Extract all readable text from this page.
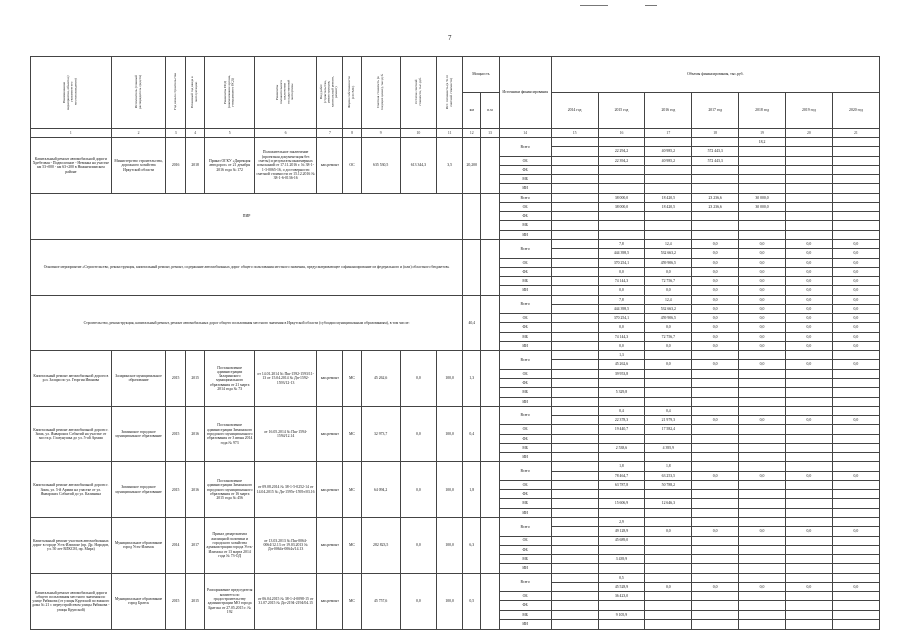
7
Наименование мероприятия, объекта (с указанием его местонахождения)	Исполнитель (главный распорядитель средств)	Год начала строительства	Плановый год ввода в эксплуатацию	Реквизиты ПСД (наименование органа, утвердившего ПСД)	Реквизиты положительного заключения государственной экспертизы	Вид работ (строительство, реконструкция, капитальный ремонт, ремонт)	Форма собственности (ОС/МС)	Сметная стоимость (в текущих ценах), тыс.руб.	Остаток сметной стоимости, тыс.руб.	Ист. готовность (в % от сметной стоимости)	Мощность		Источники финансирования	Объемы финансирования, тыс.руб.						
											км	п.м		2014 год	2015 год	2016 год	2017 год	2018 год	2019 год	2020 год
1	2	3	4	5	6	7	8	9	10	11	12	13	14	15	16	17	18	19	20	21
Капитальный ремонт автомобильной дороги Хребтовая - Подволочное - Невонка на участке км 53+000 - км 63+200 в Нижнеилимском районе	Министерство строительства, дорожного хозяйства Иркутской области	2016	2018	Приказ ОГКУ «Дирекция автодорог» от 21 декабря 2016 года № 172	Положительное заключение (проектная документация без сметы) и результаты инженерных изысканий от 17.11.2016 г. № 38-1-1-3-0065-16, о достоверности сметной стоимости от 15.12.2016 № 38-1-6-0136-16	кап.ремонт	ОС	635 530,5	613 344,3	3,5	20,200		Всего					18,2		
															22 294,2	40 985,2	572 443,3			
													ОБ		22 394,2	40 985,2	572 443,3			
													ФБ							
													МБ							
													ИИ							
ПИР													Всего		38 000,0	18 420,5	23 236,6	30 000,0		
													ОБ		38 000,0	18 420,5	23 236,6	30 000,0		
													ФБ							
													МБ							
													ИИ							
Основное мероприятие «Строительство, реконструкция, капитальный ремонт, ремонт, содержание автомобильных дорог общего пользования местного значения, предусматривающее софинансирование из федерального и (или) областного бюджетов»													Всего		7,8	12,4	0,0	0,0	0,0	0,0
															444 398,5	532 663,2	0,0	0,0	0,0	0,0
													ОБ		370 254,1	459 906,5	0,0	0,0	0,0	0,0
													ФБ		0,0	0,0	0,0	0,0	0,0	0,0
													МБ		74 144,3	72 756,7	0,0	0,0	0,0	0,0
													ИИ		0,0	0,0	0,0	0,0	0,0	0,0
Строительство, реконструкция, капитальный ремонт, ремонт автомобильных дорог общего пользования местного значения в Иркутской области (субсидии муниципальным образованиям), в том числе:											40,4		Всего		7,8	12,4	0,0	0,0	0,0	0,0
															444 398,5	532 663,2	0,0	0,0	0,0	0,0
													ОБ		370 254,1	459 906,5	0,0	0,0	0,0	0,0
													ФБ		0,0	0,0	0,0	0,0	0,0	0,0
													МБ		74 144,3	72 756,7	0,0	0,0	0,0	0,0
													ИИ		0,0	0,0	0,0	0,0	0,0	0,0
Капитальный ремонт автомобильной дороги в р.п. Залари по ул. Георгия Иванова	Заларинское муниципальное образование	2015	2015	Постановление администрации Заларинского муниципального образования от 21 марта 2014 года № 73	от 14.01.2014 № Пш-1592-1593/11-13 от 15.04.2014 № Дп-1592-1593/12-13	кап.ремонт	МС	45 262,6	0,0	100,0	1,3		Всего		1,3					
															45 262,6	0,0	0,0	0,0	0,0	0,0
													ОБ		39 953,8					
													ФБ							
													МБ		5 329,8					
													ИИ							
Капитальный ремонт автомобильной дороги г. Зима, ул. Январских Событий на участке от моста р. Глазунушка до ул. 5-ой Армии	Зиминское городское муниципальное образование	2015	2016	Постановление администрации Зиминского городского муниципального образования от 3 июня 2014 года № 973	от 16.05.2014 № Пш-1594-1594/12.14	кап.ремонт	МС	32 973,7	0,0	100,0	0,4		Всего		0,4	0,4				
															22 378,3	21 979,3	0,0	0,0	0,0	0,0
													ОБ		19 440,7	17 582,4				
													ФБ							
													МБ		2 538,6	4 395,9				
													ИИ							
Капитальный ремонт автомобильной дороги г. Зима, ул. 5-й Армии на участке от ул. Январских Событий до ул. Калинина	Зиминское городское муниципальное образование	2015	2016	Постановление администрации Зиминского городского муниципального образования от 16 марта 2015 года № 456	от 09.08.2014 № 38-1-5-0252-14 от 14.04.2015 № Дп-1595т-1595т/03.16	кап.ремонт	МС	64 094,2	0,0	100,0	1,8		Всего		1,8	1,8				
															78 464,7	63 253,5	0,0	0,0	0,0	0,0
													ОБ		63 787,8	50 788,2				
													ФБ							
													МБ		15 606,9	12 646,3				
													ИИ							
Капитальный ремонт участков автомобильных дорог в городе Усть-Илимске (пр. Др. Народов, ул. 50 лет ВЛКСМ, пр. Мира)	Муниципальное образование город Усть-Илимск	2014	2017	Приказ департамента жилищной политики и городского хозяйства администрации города Усть-Илимска от 13 марта 2014 года № 73-ОД	от 13.03.2013 № Пш-0064-0064/12.13 от 19.03.2013 № Дп-0064э-0064э/14.13	кап.ремонт	МС	282 823,5	0,0	100,0	6,3		Всего		2,9					
															49 128,9	0,0	0,0	0,0	0,0	0,0
													ОБ		45 689,0					
													ФБ							
													МБ		3 439,9					
													ИИ							
Капитальный ремонт автомобильной дороги общего пользования местного значения по улице Рябикова (от улицы Крупской по южного дома № 21 с переустройством улицы Рябикова - улицы Крупской)	Муниципальное образование город Братск	2015	2015	Распоряжение председателя комитета по градостроительству администрации МО города Братска от 27.05.2015 г. № 192	от 06.04.2015 № 38-1-4-0098-15 от 31.07.2015 № Дп-2194-2194/04.15	кап.ремонт	МС	45 757,6	0,0	100,0	0,5		Всего		0,5					
															45 528,9	0,0	0,0	0,0	0,0	0,0
													ОБ		36 423,0					
													ФБ							
													МБ		9 105,9					
													ИИ							
